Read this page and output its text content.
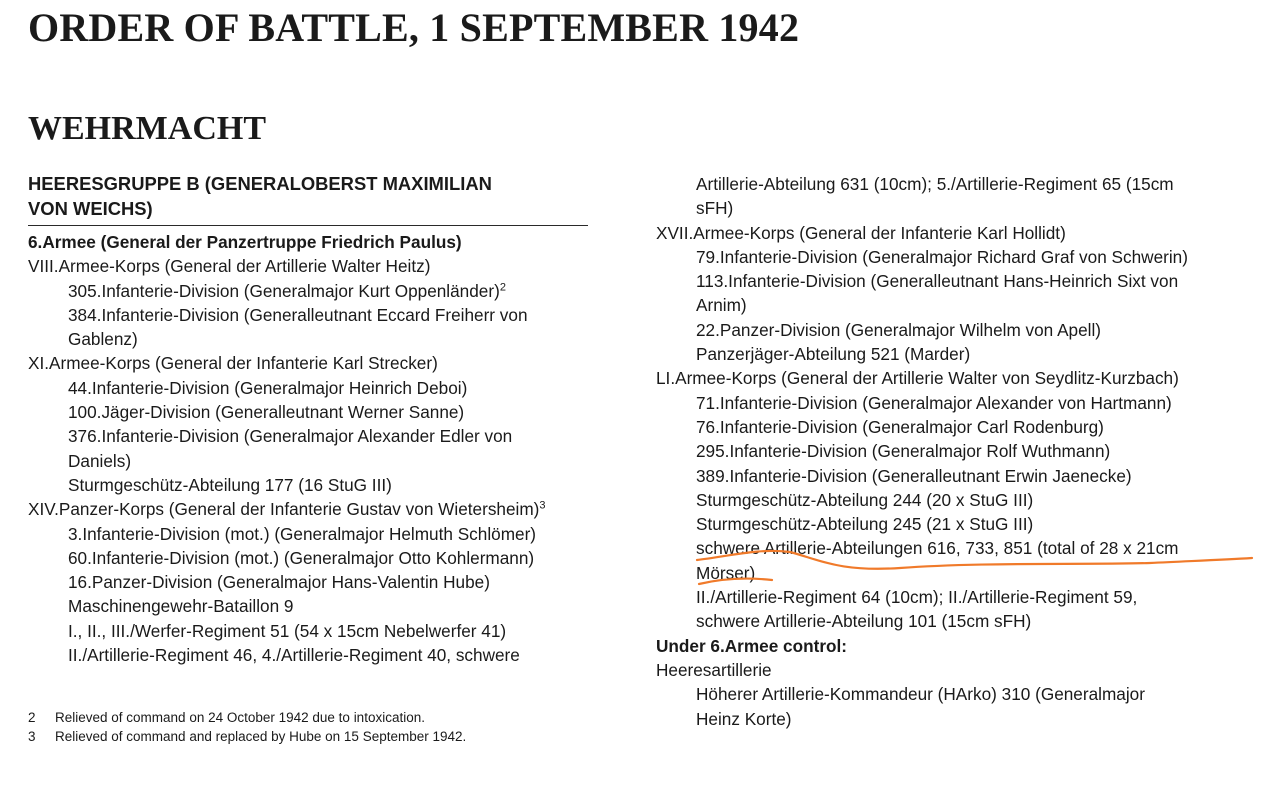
ORDER OF BATTLE, 1 SEPTEMBER 1942
WEHRMACHT
HEERESGRUPPE B (GENERALOBERST MAXIMILIAN
VON WEICHS)
6.Armee (General der Panzertruppe Friedrich Paulus)
VIII.Armee-Korps (General der Artillerie Walter Heitz)
305.Infanterie-Division (Generalmajor Kurt Oppenländer)$^2$
384.Infanterie-Division (Generalleutnant Eccard Freiherr von
Gablenz)
XI.Armee-Korps (General der Infanterie Karl Strecker)
44.Infanterie-Division (Generalmajor Heinrich Deboi)
100.Jäger-Division (Generalleutnant Werner Sanne)
376.Infanterie-Division (Generalmajor Alexander Edler von
Daniels)
Sturmgeschütz-Abteilung 177 (16 StuG III)
XIV.Panzer-Korps (General der Infanterie Gustav von Wietersheim)$^3$
3.Infanterie-Division (mot.) (Generalmajor Helmuth Schlömer)
60.Infanterie-Division (mot.) (Generalmajor Otto Kohlermann)
16.Panzer-Division (Generalmajor Hans-Valentin Hube)
Maschinengewehr-Bataillon 9
I., II., III./Werfer-Regiment 51 (54 x 15cm Nebelwerfer 41)
II./Artillerie-Regiment 46, 4./Artillerie-Regiment 40, schwere
Artillerie-Abteilung 631 (10cm); 5./Artillerie-Regiment 65 (15cm
sFH)
XVII.Armee-Korps (General der Infanterie Karl Hollidt)
79.Infanterie-Division (Generalmajor Richard Graf von Schwerin)
113.Infanterie-Division (Generalleutnant Hans-Heinrich Sixt von
Arnim)
22.Panzer-Division (Generalmajor Wilhelm von Apell)
Panzerjäger-Abteilung 521 (Marder)
LI.Armee-Korps (General der Artillerie Walter von Seydlitz-Kurzbach)
71.Infanterie-Division (Generalmajor Alexander von Hartmann)
76.Infanterie-Division (Generalmajor Carl Rodenburg)
295.Infanterie-Division (Generalmajor Rolf Wuthmann)
389.Infanterie-Division (Generalleutnant Erwin Jaenecke)
Sturmgeschütz-Abteilung 244 (20 x StuG III)
Sturmgeschütz-Abteilung 245 (21 x StuG III)
schwere Artillerie-Abteilungen 616, 733, 851 (total of 28 x 21cm
Mörser)
II./Artillerie-Regiment 64 (10cm); II./Artillerie-Regiment 59,
schwere Artillerie-Abteilung 101 (15cm sFH)
Under 6.Armee control:
Heeresartillerie
Höherer Artillerie-Kommandeur (HArko) 310 (Generalmajor
Heinz Korte)
2	Relieved of command on 24 October 1942 due to intoxication.
3	Relieved of command and replaced by Hube on 15 September 1942.
